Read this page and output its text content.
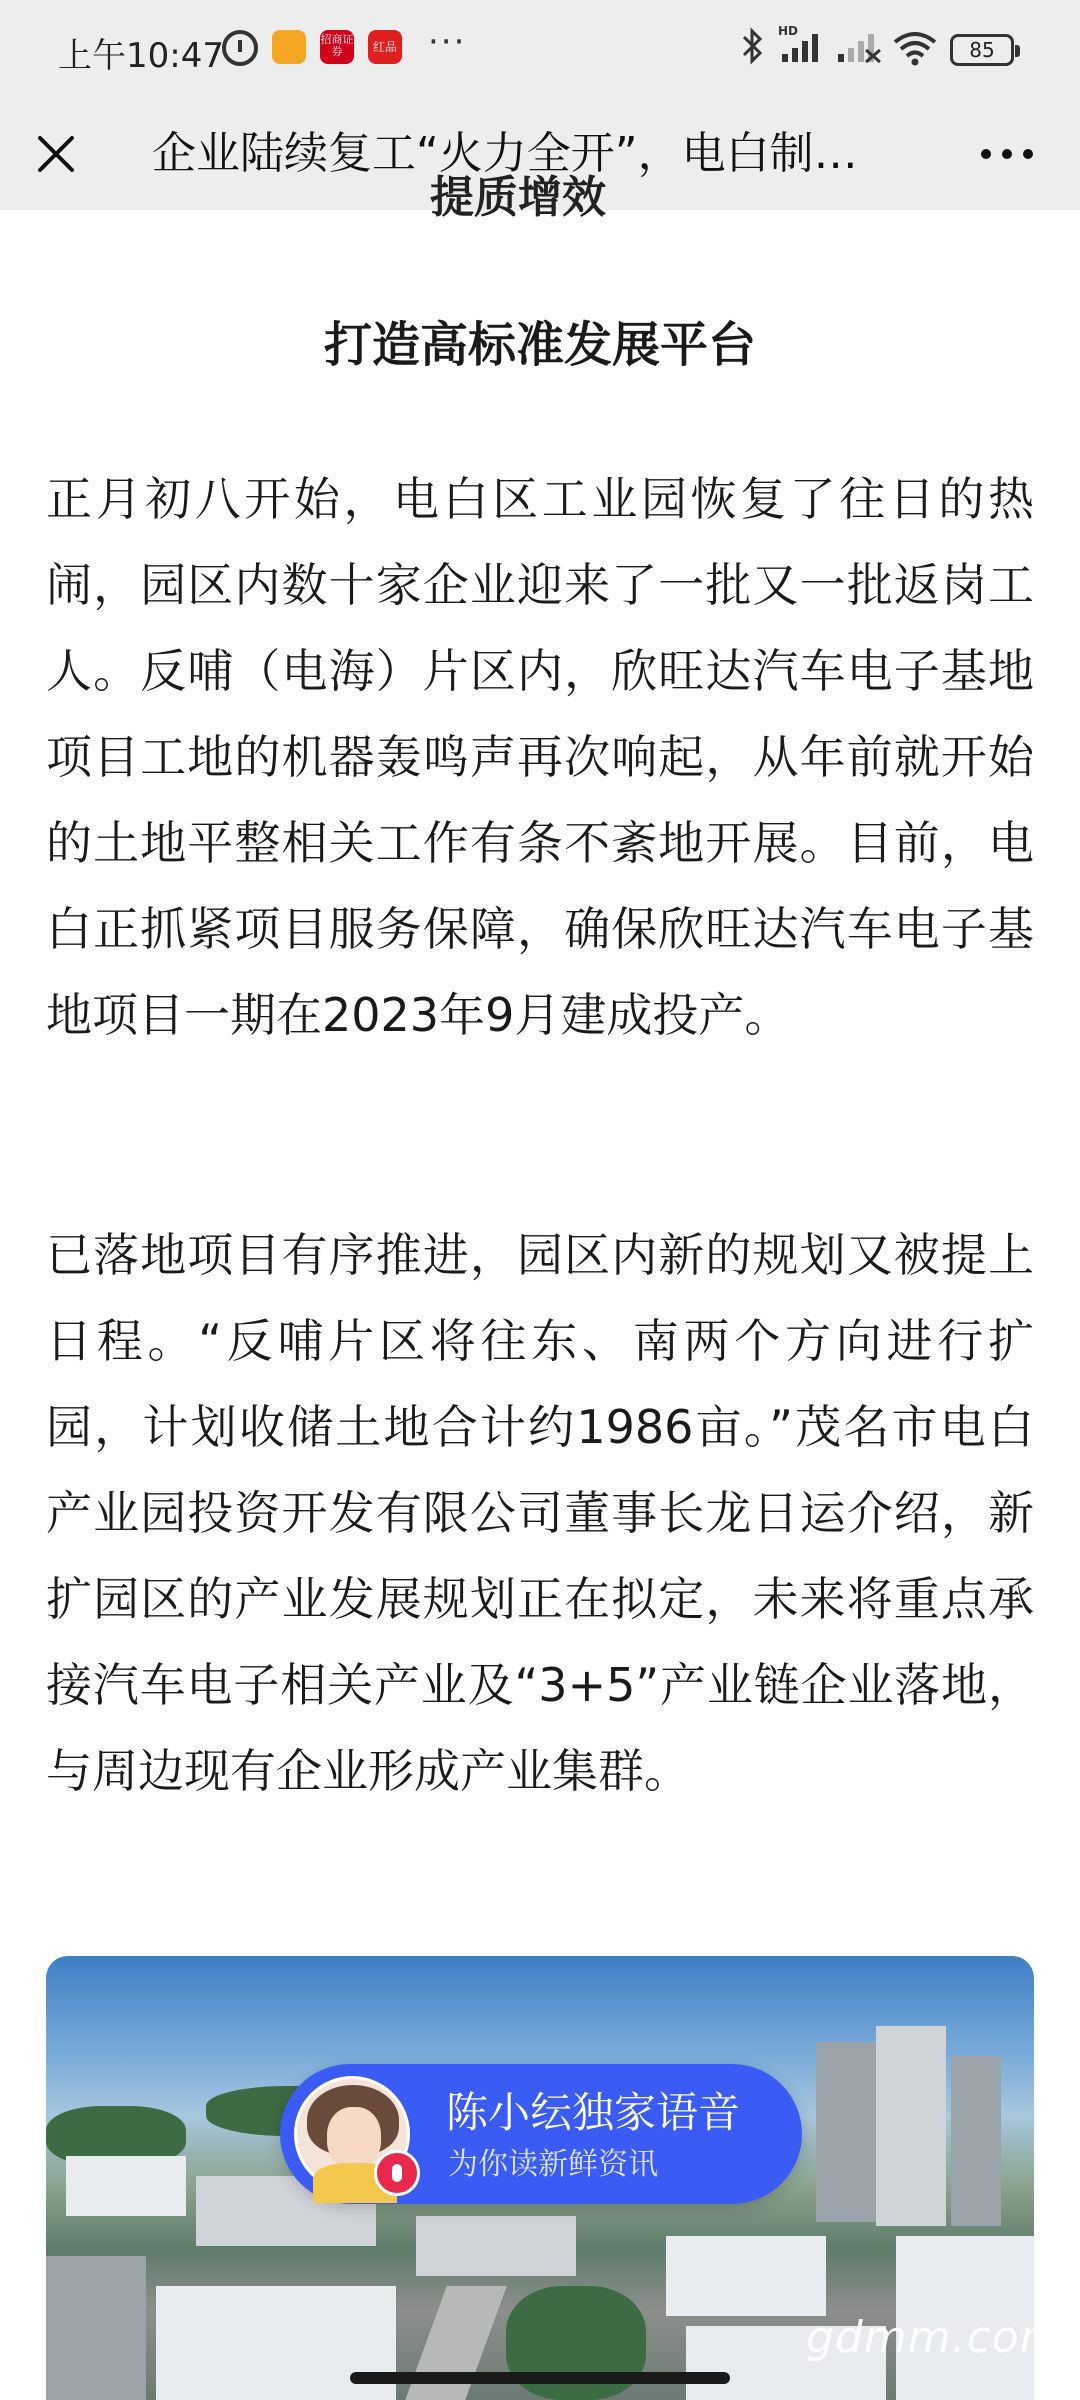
上午10:47	招商证券	红品 ···	HD
85
企业陆续复工“火力全开”，电白制…
提质增效
打造高标准发展平台

正月初八开始，电白区工业园恢复了往日的热闹，园区内数十家企业迎来了一批又一批返岗工人。反哺（电海）片区内，欣旺达汽车电子基地项目工地的机器轰鸣声再次响起，从年前就开始的土地平整相关工作有条不紊地开展。目前，电白正抓紧项目服务保障，确保欣旺达汽车电子基地项目一期在2023年9月建成投产。

已落地项目有序推进，园区内新的规划又被提上日程。“反哺片区将往东、南两个方向进行扩园，计划收储土地合计约1986亩。”茂名市电白产业园投资开发有限公司董事长龙日运介绍，新扩园区的产业发展规划正在拟定，未来将重点承接汽车电子相关产业及“3+5”产业链企业落地，与周边现有企业形成产业集群。

陈小纭独家语音
为你读新鲜资讯
gdmm.com
